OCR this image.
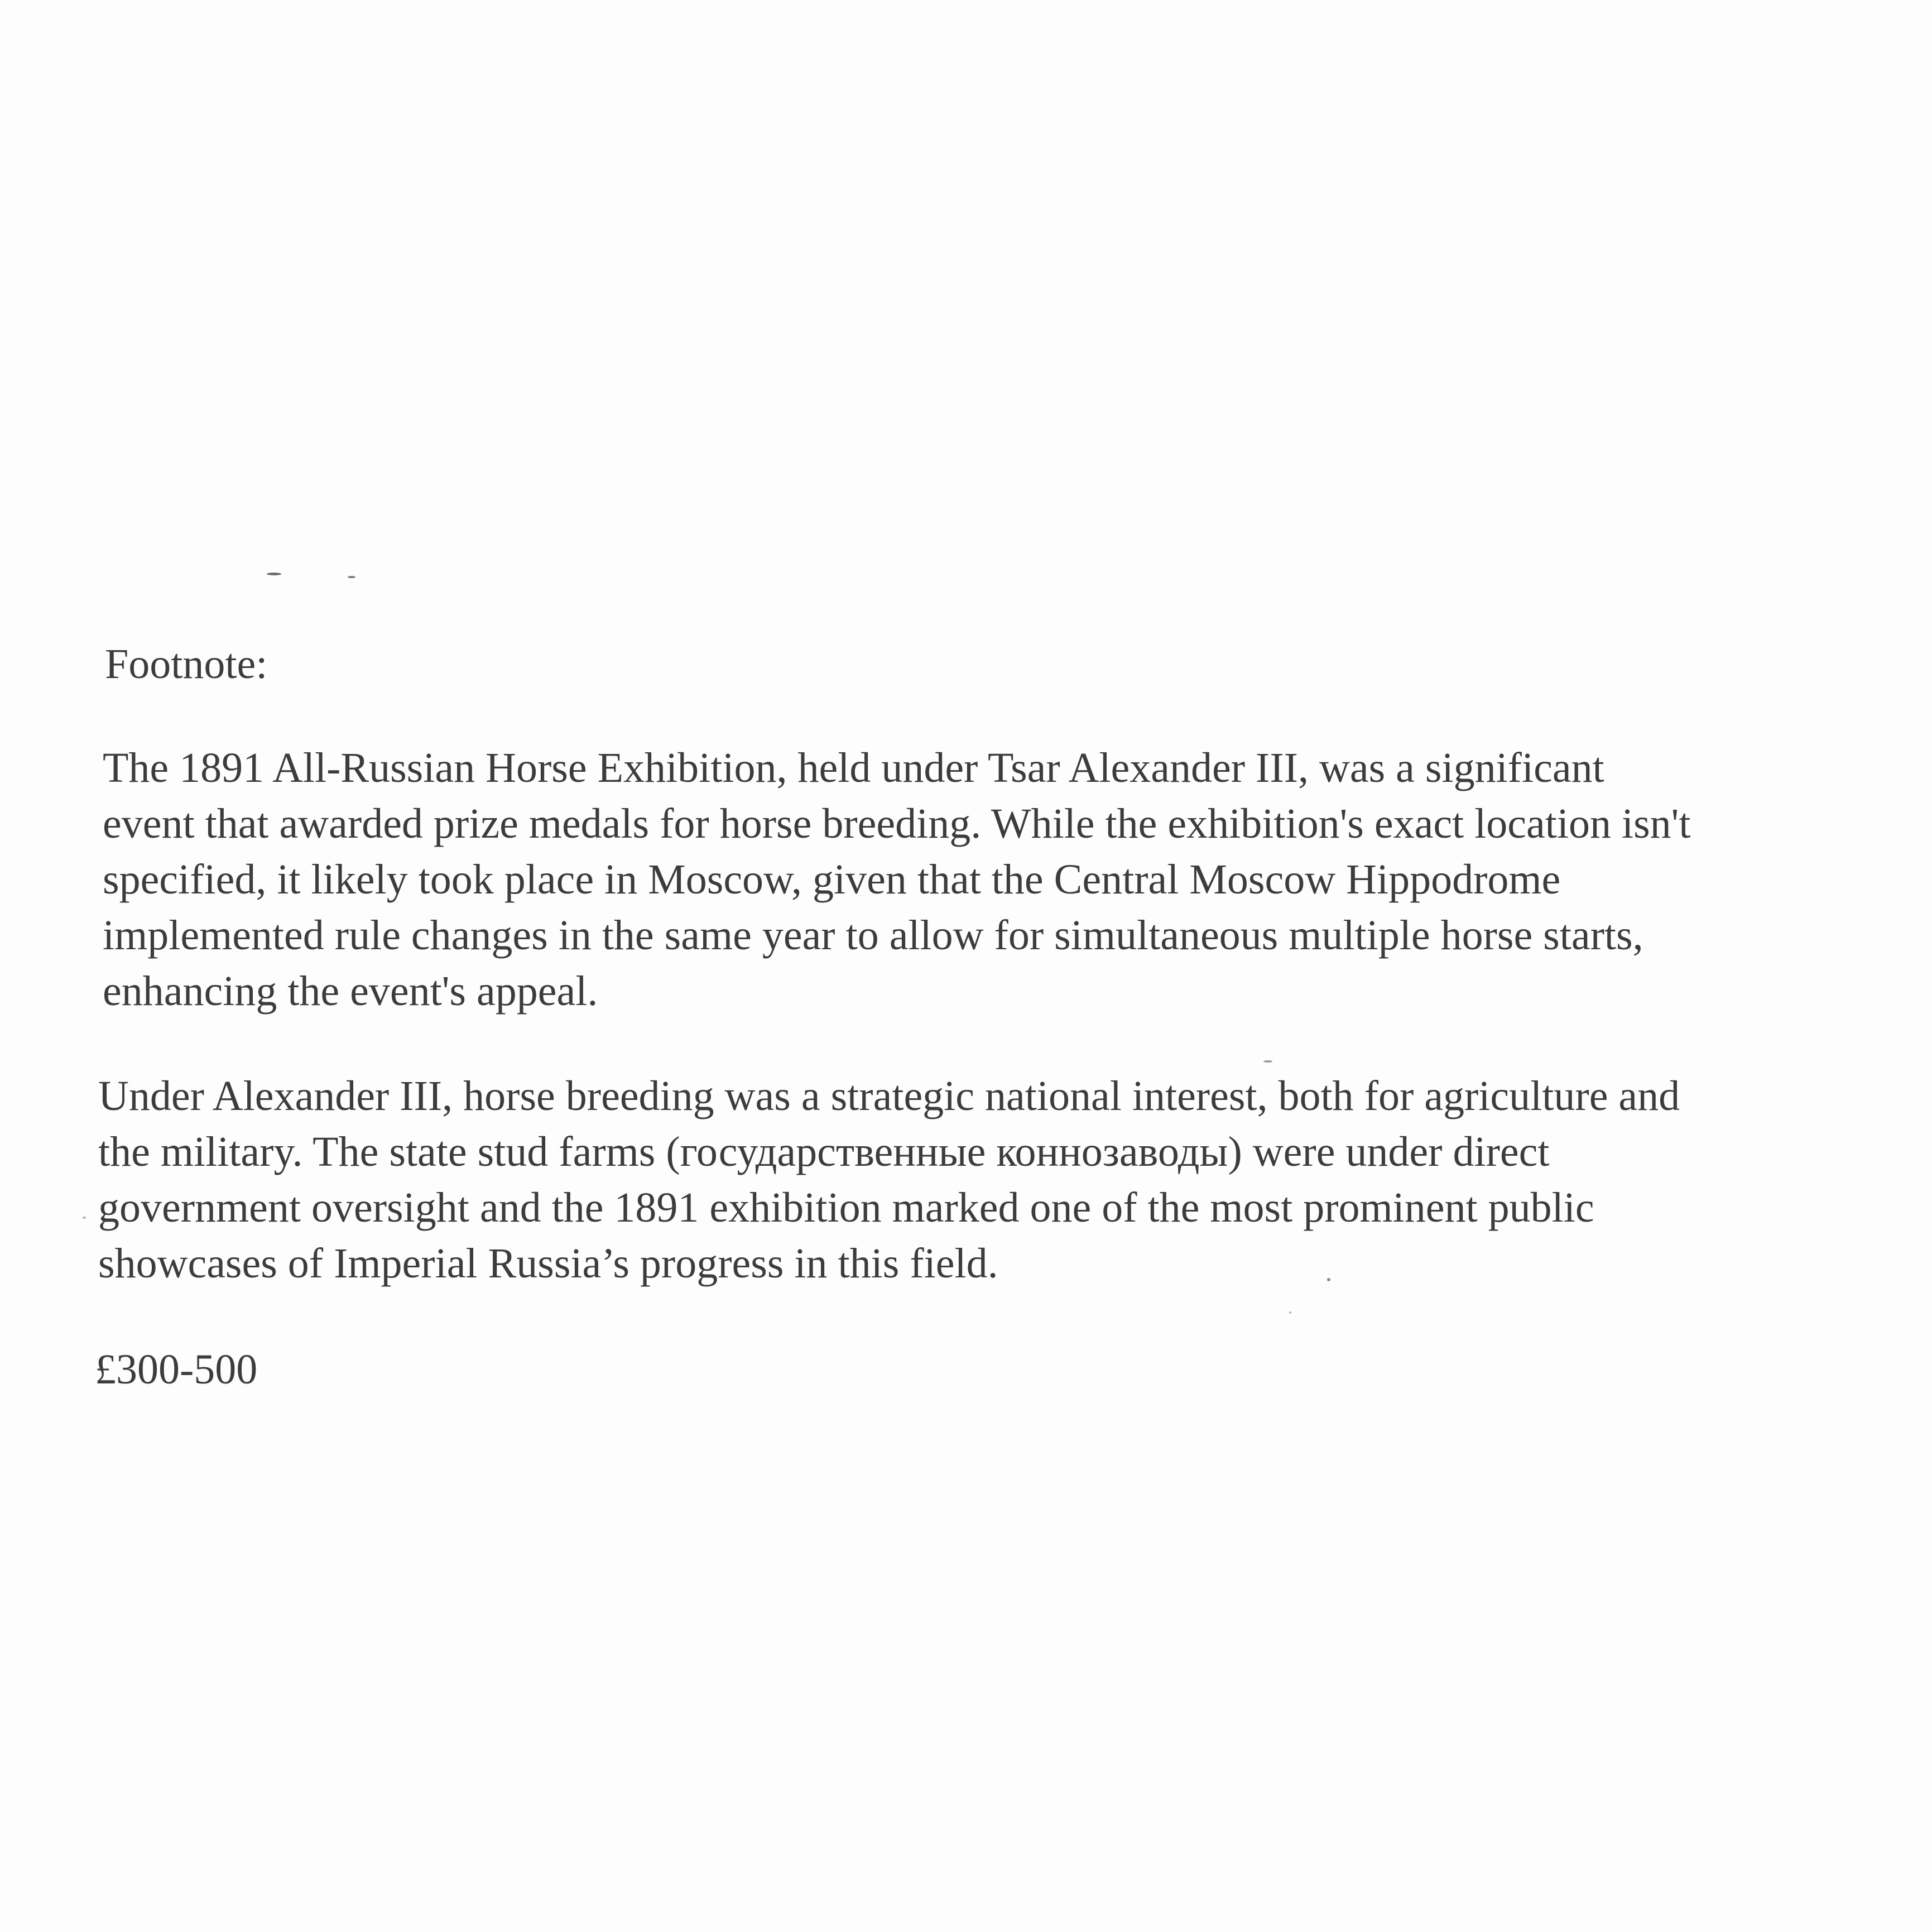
Footnote:
The 1891 All-Russian Horse Exhibition, held under Tsar Alexander III, was a significant
event that awarded prize medals for horse breeding. While the exhibition's exact location isn't
specified, it likely took place in Moscow, given that the Central Moscow Hippodrome
implemented rule changes in the same year to allow for simultaneous multiple horse starts,
enhancing the event's appeal.
Under Alexander III, horse breeding was a strategic national interest, both for agriculture and
the military. The state stud farms (государственные коннозаводы) were under direct
government oversight and the 1891 exhibition marked one of the most prominent public
showcases of Imperial Russia’s progress in this field.
£300-500
